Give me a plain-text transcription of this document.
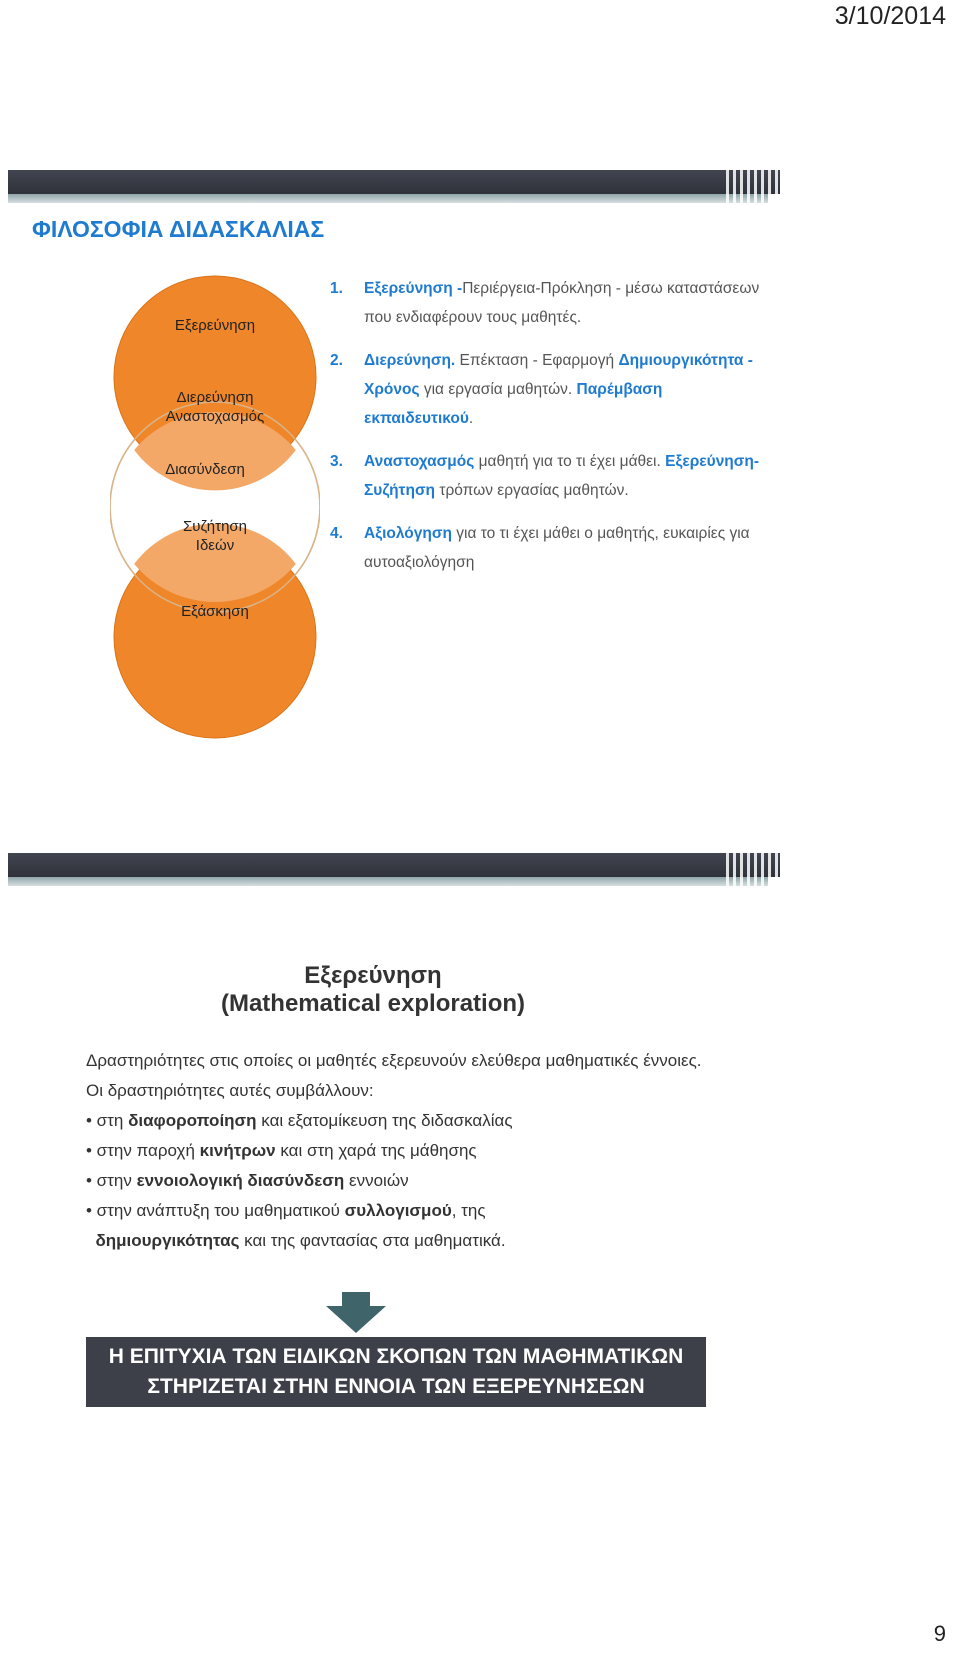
3/10/2014
ΦΙΛΟΣΟΦΙΑ ΔΙΔΑΣΚΑΛΙΑΣ
Εξερεύνηση
Διερεύνηση
Αναστοχασμός
Διασύνδεση
Συζήτηση
Ιδεών
Εξάσκηση
1. Εξερεύνηση -Περιέργεια-Πρόκληση - μέσω καταστάσεων που ενδιαφέρουν τους μαθητές.
2. Διερεύνηση. Επέκταση - Εφαρμογή Δημιουργικότητα - Χρόνος για εργασία μαθητών. Παρέμβαση εκπαιδευτικού.
3. Αναστοχασμός μαθητή για το τι έχει μάθει. Εξερεύνηση-Συζήτηση τρόπων εργασίας μαθητών.
4. Αξιολόγηση για το τι έχει μάθει ο μαθητής, ευκαιρίες για αυτοαξιολόγηση
Εξερεύνηση
(Mathematical exploration)
Δραστηριότητες στις οποίες οι μαθητές εξερευνούν ελεύθερα μαθηματικές έννοιες. Οι δραστηριότητες αυτές συμβάλλουν:
• στη διαφοροποίηση και εξατομίκευση της διδασκαλίας
• στην παροχή κινήτρων και στη χαρά της μάθησης
• στην εννοιολογική διασύνδεση εννοιών
• στην ανάπτυξη του μαθηματικού συλλογισμού, της
δημιουργικότητας και της φαντασίας στα μαθηματικά.
Η ΕΠΙΤΥΧΙΑ ΤΩΝ ΕΙΔΙΚΩΝ ΣΚΟΠΩΝ ΤΩΝ ΜΑΘΗΜΑΤΙΚΩΝ
ΣΤΗΡΙΖΕΤΑΙ ΣΤΗΝ ΕΝΝΟΙΑ ΤΩΝ ΕΞΕΡΕΥΝΗΣΕΩΝ
9
